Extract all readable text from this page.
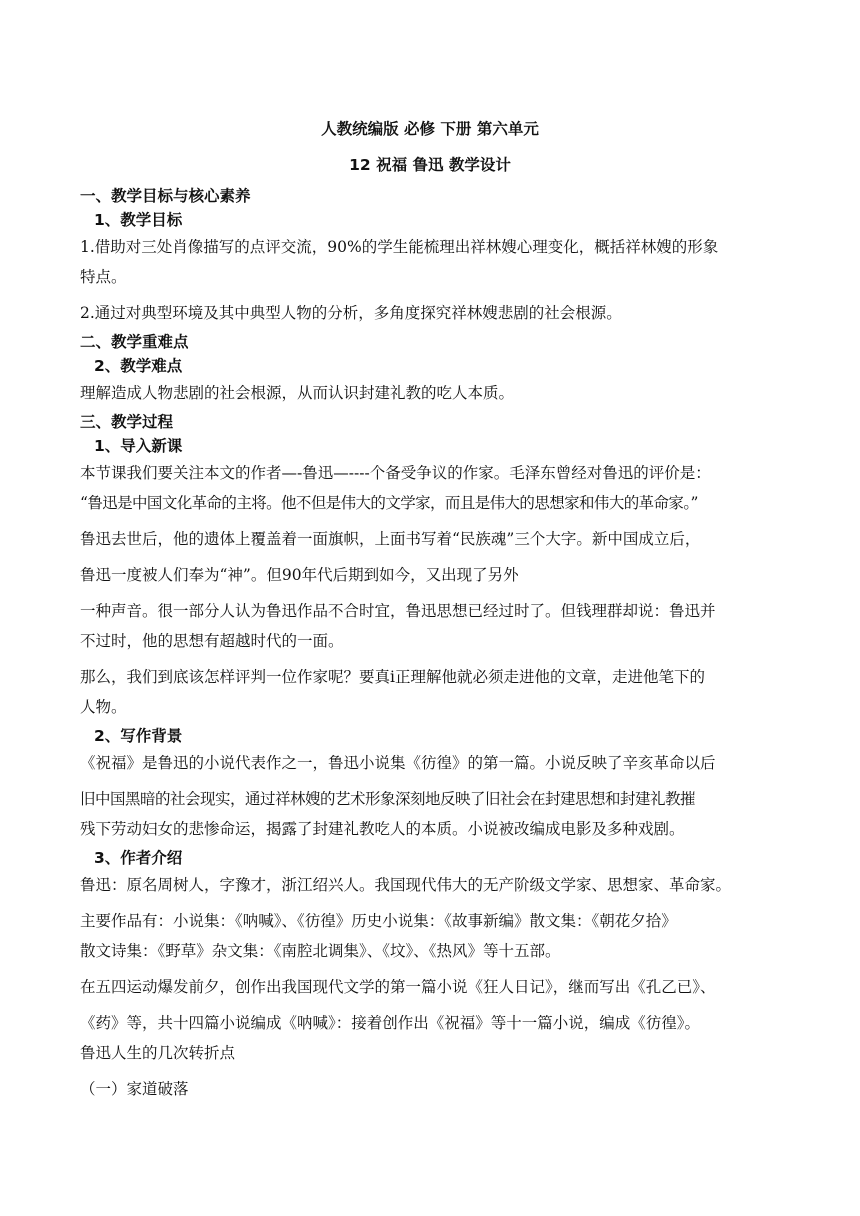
人教统编版 必修 下册 第六单元
12 祝福 鲁迅 教学设计
一、教学目标与核心素养
1、教学目标
1.借助对三处肖像描写的点评交流，90%的学生能梳理出祥林嫂心理变化，概括祥林嫂的形象
特点。
2.通过对典型环境及其中典型人物的分析，多角度探究祥林嫂悲剧的社会根源。
二、教学重难点
2、教学难点
理解造成人物悲剧的社会根源，从而认识封建礼教的吃人本质。
三、教学过程
1、导入新课
本节课我们要关注本文的作者—-鲁迅—----个备受争议的作家。毛泽东曾经对鲁迅的评价是：
“鲁迅是中国文化革命的主将。他不但是伟大的文学家，而且是伟大的思想家和伟大的革命家。”
鲁迅去世后，他的遗体上覆盖着一面旗帜，上面书写着“民族魂”三个大字。新中国成立后，
鲁迅一度被人们奉为“神”。但90年代后期到如今，又出现了另外
一种声音。很一部分人认为鲁迅作品不合时宜，鲁迅思想已经过时了。但钱理群却说：鲁迅并
不过时，他的思想有超越时代的一面。
那么，我们到底该怎样评判一位作家呢？要真i正理解他就必须走进他的文章，走进他笔下的
人物。
2、写作背景
《祝福》是鲁迅的小说代表作之一，鲁迅小说集《彷徨》的第一篇。小说反映了辛亥革命以后
旧中国黑暗的社会现实，通过祥林嫂的艺术形象深刻地反映了旧社会在封建思想和封建礼教摧
残下劳动妇女的悲惨命运，揭露了封建礼教吃人的本质。小说被改编成电影及多种戏剧。
3、作者介绍
鲁迅：原名周树人，字豫才，浙江绍兴人。我国现代伟大的无产阶级文学家、思想家、革命家。
主要作品有：小说集：《呐喊》、《彷徨》历史小说集：《故事新编》散文集：《朝花夕拾》
散文诗集：《野草》杂文集：《南腔北调集》、《坟》、《热风》等十五部。
在五四运动爆发前夕，创作出我国现代文学的第一篇小说《狂人日记》，继而写出《孔乙已》、
《药》等，共十四篇小说编成《呐喊》：接着创作出《祝福》等十一篇小说，编成《彷徨》。
鲁迅人生的几次转折点
（一）家道破落
